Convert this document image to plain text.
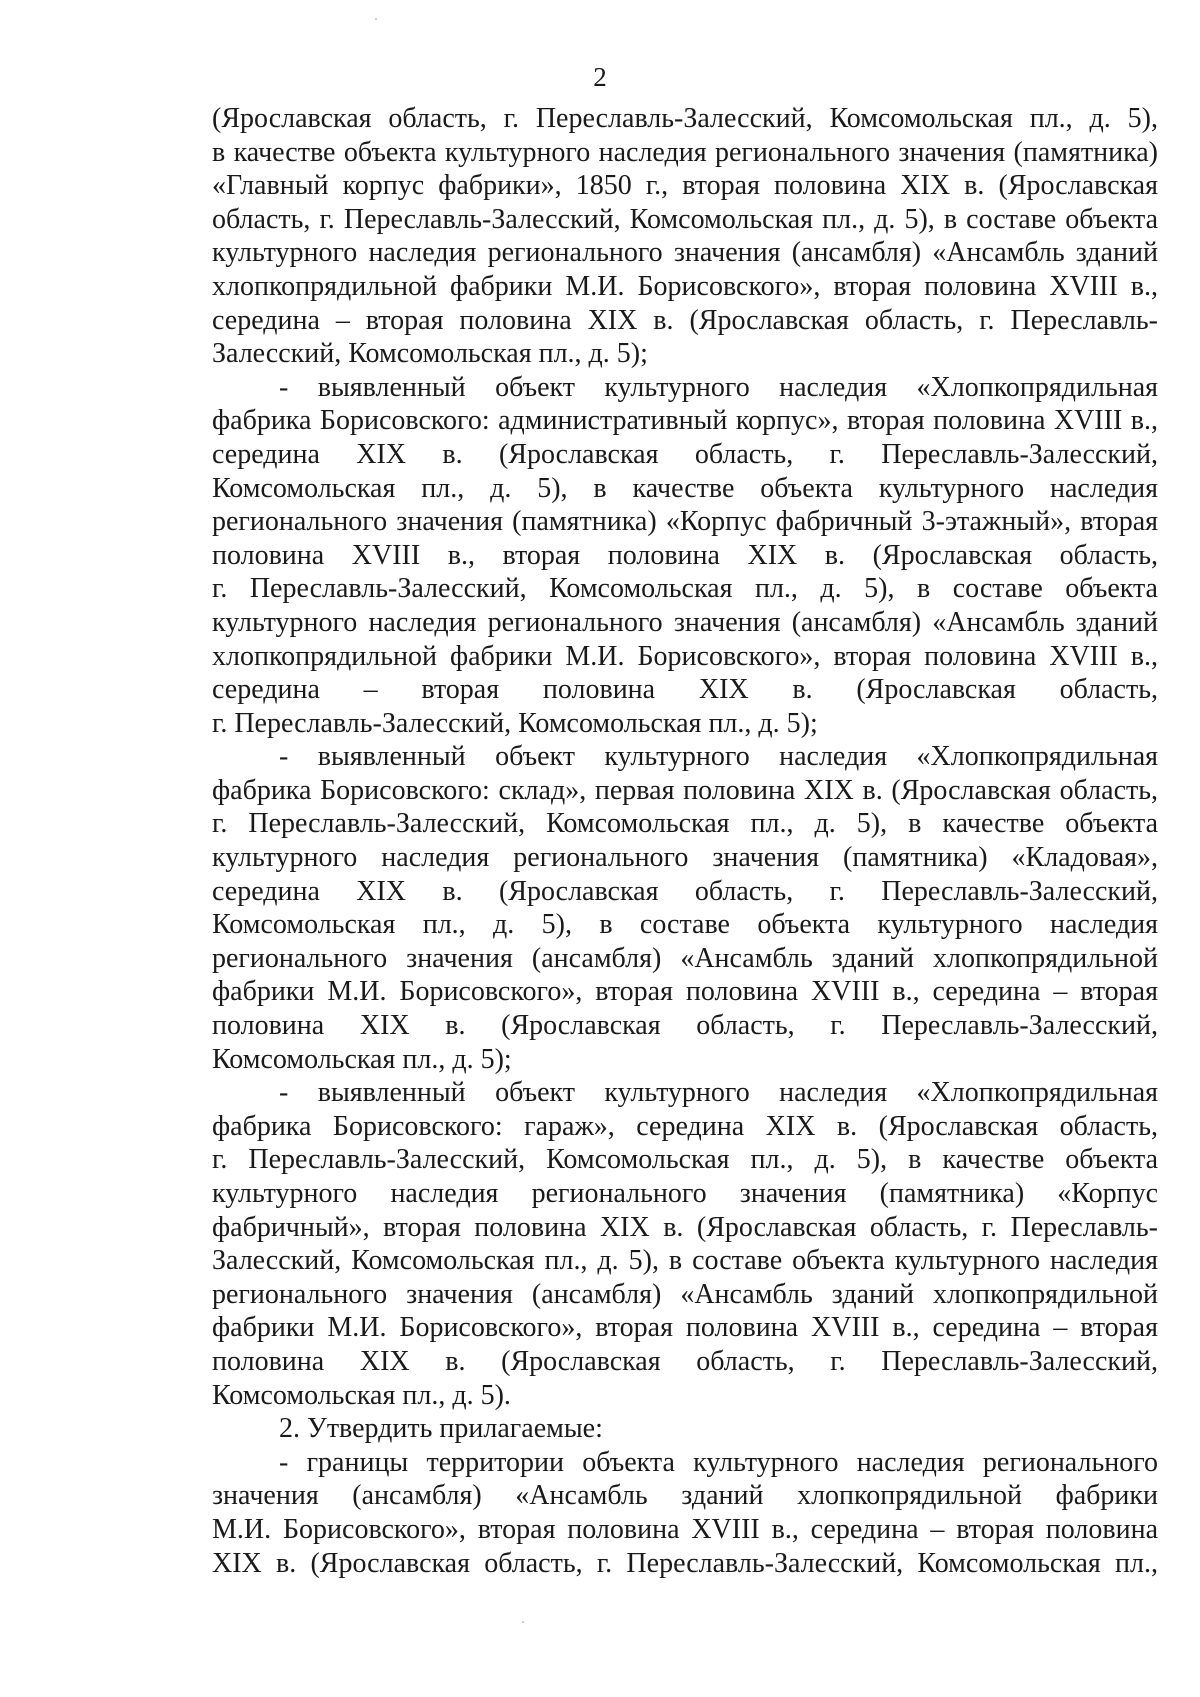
2
(Ярославская область, г. Переславль-Залесский, Комсомольская пл., д. 5),
в качестве объекта культурного наследия регионального значения (памятника)
«Главный корпус фабрики», 1850 г., вторая половина XIX в. (Ярославская
область, г. Переславль-Залесский, Комсомольская пл., д. 5), в составе объекта
культурного наследия регионального значения (ансамбля) «Ансамбль зданий
хлопкопрядильной фабрики М.И. Борисовского», вторая половина XVIII в.,
середина – вторая половина XIX в. (Ярославская область, г. Переславль-
Залесский, Комсомольская пл., д. 5);
- выявленный объект культурного наследия «Хлопкопрядильная
фабрика Борисовского: административный корпус», вторая половина XVIII в.,
середина XIX в. (Ярославская область, г. Переславль-Залесский,
Комсомольская пл., д. 5), в качестве объекта культурного наследия
регионального значения (памятника) «Корпус фабричный 3-этажный», вторая
половина XVIII в., вторая половина XIX в. (Ярославская область,
г. Переславль-Залесский, Комсомольская пл., д. 5), в составе объекта
культурного наследия регионального значения (ансамбля) «Ансамбль зданий
хлопкопрядильной фабрики М.И. Борисовского», вторая половина XVIII в.,
середина – вторая половина XIX в. (Ярославская область,
г. Переславль-Залесский, Комсомольская пл., д. 5);
- выявленный объект культурного наследия «Хлопкопрядильная
фабрика Борисовского: склад», первая половина XIX в. (Ярославская область,
г. Переславль-Залесский, Комсомольская пл., д. 5), в качестве объекта
культурного наследия регионального значения (памятника) «Кладовая»,
середина XIX в. (Ярославская область, г. Переславль-Залесский,
Комсомольская пл., д. 5), в составе объекта культурного наследия
регионального значения (ансамбля) «Ансамбль зданий хлопкопрядильной
фабрики М.И. Борисовского», вторая половина XVIII в., середина – вторая
половина XIX в. (Ярославская область, г. Переславль-Залесский,
Комсомольская пл., д. 5);
- выявленный объект культурного наследия «Хлопкопрядильная
фабрика Борисовского: гараж», середина XIX в. (Ярославская область,
г. Переславль-Залесский, Комсомольская пл., д. 5), в качестве объекта
культурного наследия регионального значения (памятника) «Корпус
фабричный», вторая половина XIX в. (Ярославская область, г. Переславль-
Залесский, Комсомольская пл., д. 5), в составе объекта культурного наследия
регионального значения (ансамбля) «Ансамбль зданий хлопкопрядильной
фабрики М.И. Борисовского», вторая половина XVIII в., середина – вторая
половина XIX в. (Ярославская область, г. Переславль-Залесский,
Комсомольская пл., д. 5).
2. Утвердить прилагаемые:
- границы территории объекта культурного наследия регионального
значения (ансамбля) «Ансамбль зданий хлопкопрядильной фабрики
М.И. Борисовского», вторая половина XVIII в., середина – вторая половина
XIX в. (Ярославская область, г. Переславль-Залесский, Комсомольская пл.,
